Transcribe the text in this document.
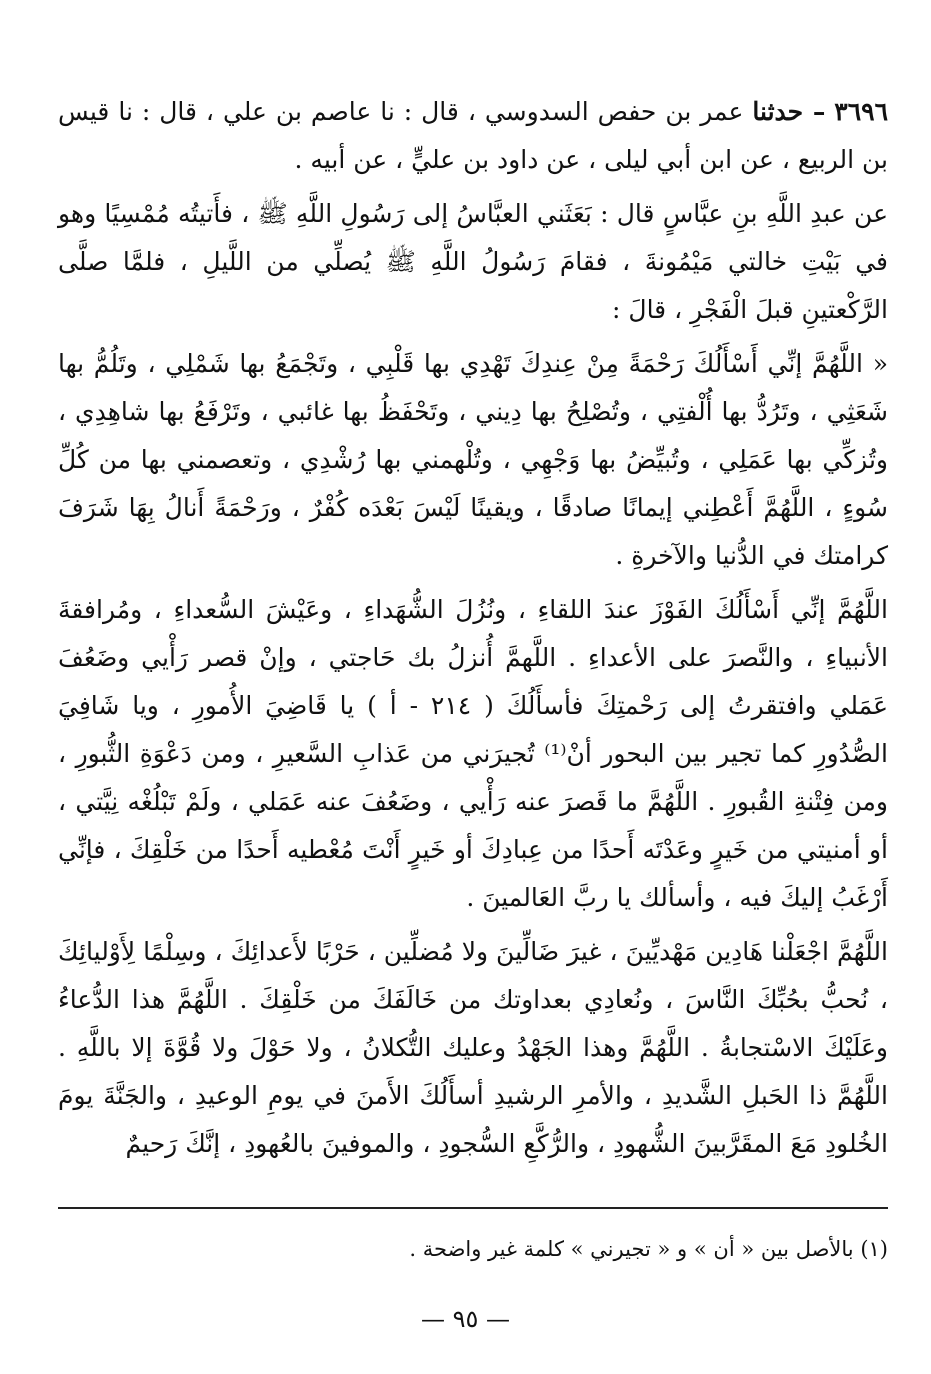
٣٦٩٦ – حدثنا عمر بن حفص السدوسي ، قال : نا عاصم بن علي ، قال : نا قيس بن الربيع ، عن ابن أبي ليلى ، عن داود بن عليٍّ ، عن أبيه .

عن عبدِ اللَّهِ بنِ عبَّاسٍ قال : بَعَثَني العبَّاسُ إلى رَسُولِ اللَّهِ ﷺ ، فأَتيتُه مُمْسِيًا وهو في بَيْتِ خالتي مَيْمُونةَ ، فقامَ رَسُولُ اللَّهِ ﷺ يُصلِّي من اللَّيلِ ، فلمَّا صلَّى الرَّكْعتينِ قبلَ الْفَجْرِ ، قالَ :

« اللَّهُمَّ إنِّي أَسْأَلُكَ رَحْمَةً مِنْ عِندِكَ تَهْدِي بها قَلْبِي ، وتَجْمَعُ بها شَمْلِي ، وتَلُمُّ بها شَعَثِي ، وتَرُدُّ بها أُلْفتِي ، وتُصْلِحُ بها دِيني ، وتَحْفَظُ بها غائبي ، وتَرْفَعُ بها شاهِدِي ، وتُزكِّي بها عَمَلِي ، وتُبيِّضُ بها وَجْهِي ، وتُلْهمني بها رُشْدِي ، وتعصمني بها من كُلِّ سُوءٍ ، اللَّهُمَّ أَعْطِني إيمانًا صادقًا ، ويقينًا لَيْسَ بَعْدَه كُفْرٌ ، ورَحْمَةً أَنالُ بِهَا شَرَفَ كرامتك في الدُّنيا والآخرةِ .

اللَّهُمَّ إنِّي أَسْأَلُكَ الفَوْزَ عندَ اللقاءِ ، ونُزُلَ الشُّهَداءِ ، وعَيْشَ السُّعداءِ ، ومُرافقةَ الأنبياءِ ، والنَّصرَ على الأعداءِ . اللَّهمَّ أُنزلُ بك حَاجتي ، وإنْ قصر رَأْيي وضَعُفَ عَمَلي وافتقرتُ إلى رَحْمتِكَ فأسأَلُكَ ( ٢١٤ - أ ) يا قَاضِيَ الأُمورِ ، ويا شَافِيَ الصُّدُورِ كما تجير بين البحور أنْ⁽¹⁾ تُجيرَني من عَذابِ السَّعيرِ ، ومن دَعْوَةِ الثُّبورِ ، ومن فِتْنةِ القُبورِ . اللَّهُمَّ ما قَصرَ عنه رَأْيي ، وضَعُفَ عنه عَمَلي ، ولَمْ تَبْلُغْه نِيَّتي ، أو أمنيتي من خَيرٍ وعَدْتَه أَحدًا من عِبادِكَ أو خَيرٍ أَنْتَ مُعْطيه أَحدًا من خَلْقِكَ ، فإنِّي أَرْغَبُ إليكَ فيه ، وأسألك يا ربَّ العَالمينَ .

اللَّهُمَّ اجْعَلْنا هَادِين مَهْديِّينَ ، غيرَ ضَالِّينَ ولا مُضلِّين ، حَرْبًا لأَعدائِكَ ، وسِلْمًا لِأَوْليائِكَ ، نُحبُّ بحُبِّكَ النَّاسَ ، ونُعادِي بعداوتك من خَالَفَكَ من خَلْقِكَ . اللَّهُمَّ هذا الدُّعاءُ وعَلَيْكَ الاسْتجابةُ . اللَّهُمَّ وهذا الجَهْدُ وعليك التُّكلانُ ، ولا حَوْلَ ولا قُوَّةَ إلا باللَّهِ . اللَّهُمَّ ذا الحَبلِ الشَّديدِ ، والأمرِ الرشيدِ أسأَلُكَ الأَمنَ في يومِ الوعيدِ ، والجَنَّةَ يومَ الخُلودِ مَعَ المقَرَّبينَ الشُّهودِ ، والرُّكَّعِ السُّجودِ ، والموفينَ بالعُهودِ ، إنَّكَ رَحيمٌ

(١) بالأصل بين « أن » و « تجيرني » كلمة غير واضحة .
— ٩٥ —
